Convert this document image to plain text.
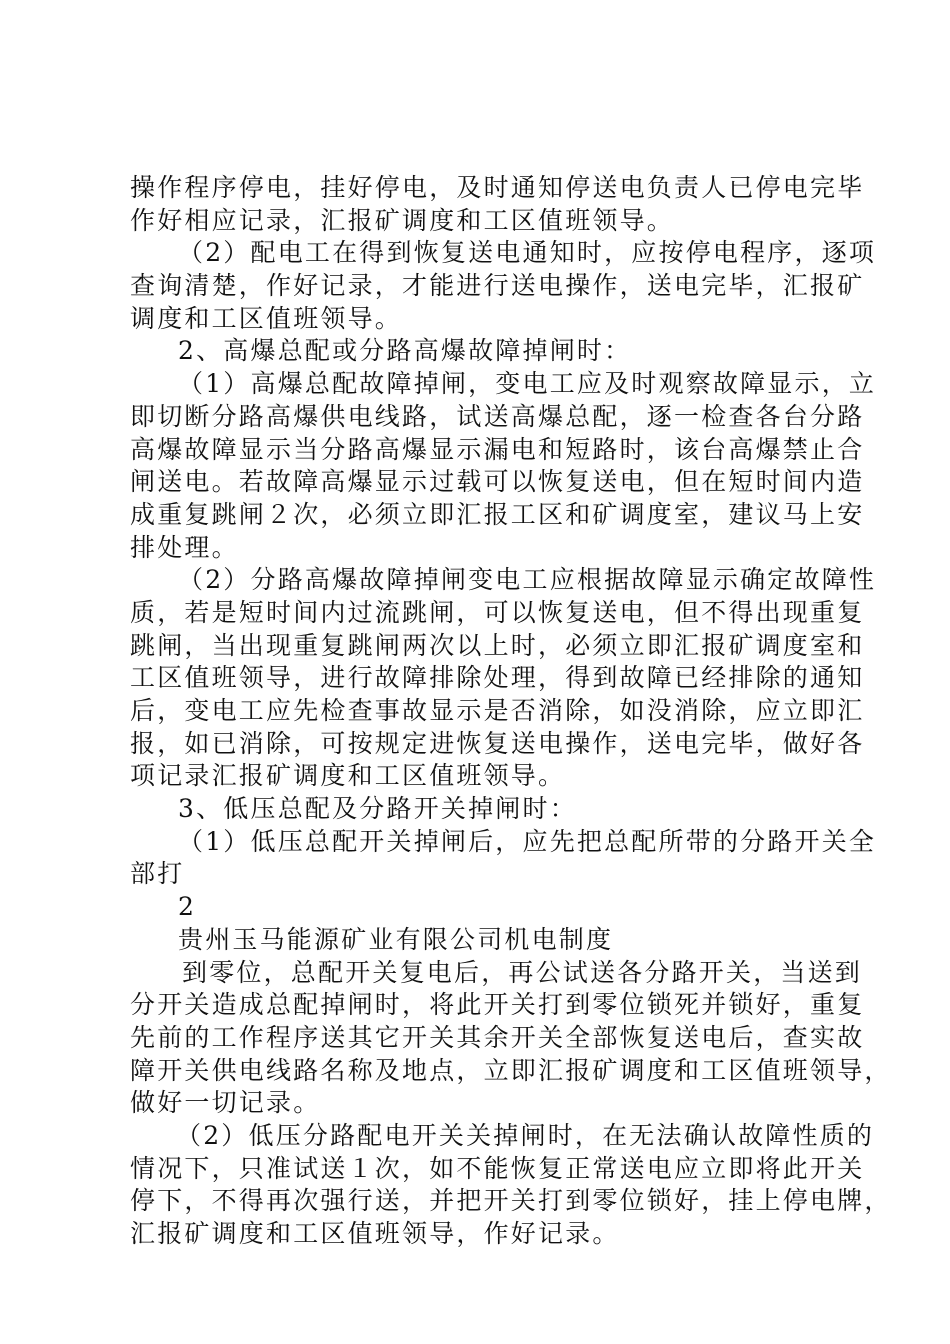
操作程序停电，挂好停电，及时通知停送电负责人已停电完毕
作好相应记录，汇报矿调度和工区值班领导。
（2）配电工在得到恢复送电通知时，应按停电程序，逐项
查询清楚，作好记录，才能进行送电操作，送电完毕，汇报矿
调度和工区值班领导。
2、高爆总配或分路高爆故障掉闸时：
（1）高爆总配故障掉闸，变电工应及时观察故障显示，立
即切断分路高爆供电线路，试送高爆总配，逐一检查各台分路
高爆故障显示当分路高爆显示漏电和短路时，该台高爆禁止合
闸送电。若故障高爆显示过载可以恢复送电，但在短时间内造
成重复跳闸２次，必须立即汇报工区和矿调度室，建议马上安
排处理。
（2）分路高爆故障掉闸变电工应根据故障显示确定故障性
质，若是短时间内过流跳闸，可以恢复送电，但不得出现重复
跳闸，当出现重复跳闸两次以上时，必须立即汇报矿调度室和
工区值班领导，进行故障排除处理，得到故障已经排除的通知
后，变电工应先检查事故显示是否消除，如没消除，应立即汇
报，如已消除，可按规定进恢复送电操作，送电完毕，做好各
项记录汇报矿调度和工区值班领导。
3、低压总配及分路开关掉闸时：
（1）低压总配开关掉闸后，应先把总配所带的分路开关全
部打
2
贵州玉马能源矿业有限公司机电制度
到零位，总配开关复电后，再公试送各分路开关，当送到
分开关造成总配掉闸时，将此开关打到零位锁死并锁好，重复
先前的工作程序送其它开关其余开关全部恢复送电后，查实故
障开关供电线路名称及地点，立即汇报矿调度和工区值班领导，
做好一切记录。
（2）低压分路配电开关关掉闸时，在无法确认故障性质的
情况下，只准试送１次，如不能恢复正常送电应立即将此开关
停下，不得再次强行送，并把开关打到零位锁好，挂上停电牌，
汇报矿调度和工区值班领导，作好记录。
